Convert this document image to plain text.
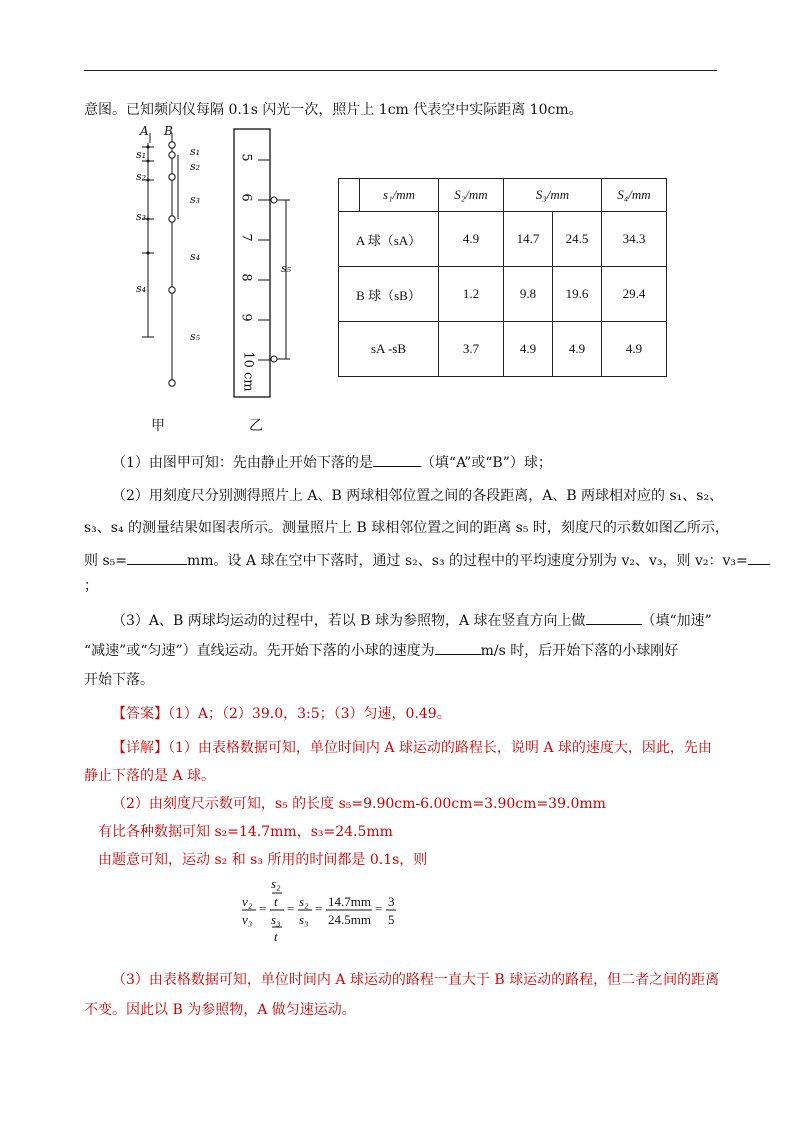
意图。已知频闪仪每隔 0.1s 闪光一次，照片上 1cm 代表空中实际距离 10cm。
A B
s₁	s₁
s₂
s₂
s₃
s₃
s₄
s₄
s₅
5
6
7
8
9
10 cm
s₅
甲	乙
	s₁/mm	S₂/mm	S₃/mm		S₄/mm
A 球（sA）		4.9	14.7	24.5	34.3
B 球（sB）		1.2	9.8	19.6	29.4
sA -sB		3.7	4.9	4.9	4.9
（1）由图甲可知：先由静止开始下落的是	（填“A”或“B”）球；
（2）用刻度尺分别测得照片上 A、B 两球相邻位置之间的各段距离，A、B 两球相对应的 s₁、s₂、
s₃、s₄ 的测量结果如图表所示。测量照片上 B 球相邻位置之间的距离 s₅ 时，刻度尺的示数如图乙所示，
则 s₅=	mm。设 A 球在空中下落时，通过 s₂、s₃ 的过程中的平均速度分别为 v₂、v₃，则 v₂：v₃=
；
（3）A、B 两球均运动的过程中，若以 B 球为参照物，A 球在竖直方向上做	（填“加速”
“减速”或“匀速”）直线运动。先开始下落的小球的速度为	m/s 时，后开始下落的小球刚好
开始下落。
【答案】（1）A；（2）39.0，3:5；（3）匀速，0.49。
【详解】（1）由表格数据可知，单位时间内 A 球运动的路程长，说明 A 球的速度大，因此，先由
静止下落的是 A 球。
（2）由刻度尺示数可知，s₅ 的长度 s₅=9.90cm-6.00cm=3.90cm=39.0mm
有比各种数据可知 s₂=14.7mm，s₃=24.5mm
由题意可知，运动 s₂ 和 s₃ 所用的时间都是 0.1s，则
v₂
v₃
=
s₂
t
s₃
t
= s₂
s₃
= 14.7mm
24.5mm
= 3
5
（3）由表格数据可知，单位时间内 A 球运动的路程一直大于 B 球运动的路程，但二者之间的距离
不变。因此以 B 为参照物，A 做匀速运动。
